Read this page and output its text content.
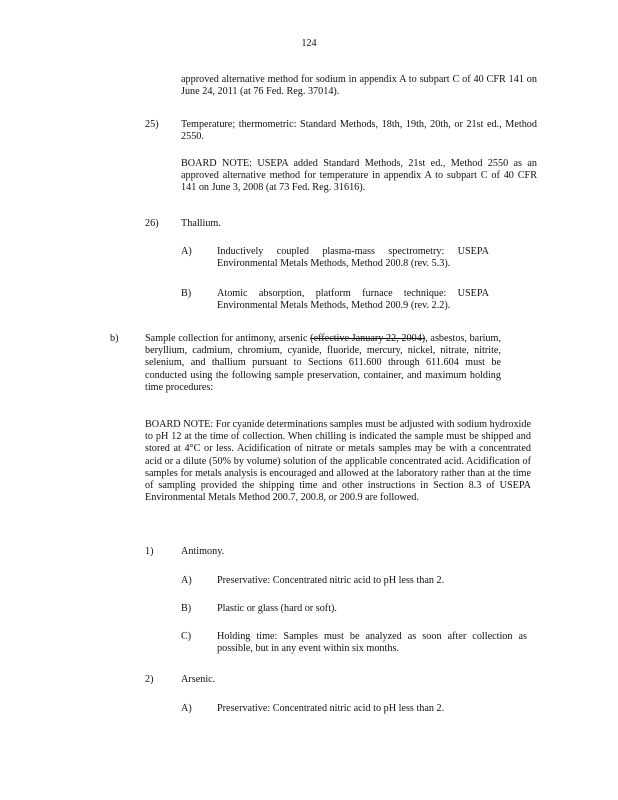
124
approved alternative method for sodium in appendix A to subpart C of 40 CFR 141 on June 24, 2011 (at 76 Fed. Reg. 37014).
25) Temperature; thermometric: Standard Methods, 18th, 19th, 20th, or 21st ed., Method 2550.
BOARD NOTE: USEPA added Standard Methods, 21st ed., Method 2550 as an approved alternative method for temperature in appendix A to subpart C of 40 CFR 141 on June 3, 2008 (at 73 Fed. Reg. 31616).
26) Thallium.
A) Inductively coupled plasma-mass spectrometry: USEPA Environmental Metals Methods, Method 200.8 (rev. 5.3).
B)	Atomic absorption, platform furnace technique: USEPA Environmental Metals Methods, Method 200.9 (rev. 2.2).
b)	Sample collection for antimony, arsenic (effective January 22, 2004), asbestos, barium, beryllium, cadmium, chromium, cyanide, fluoride, mercury, nickel, nitrate, nitrite, selenium, and thallium pursuant to Sections 611.600 through 611.604 must be conducted using the following sample preservation, container, and maximum holding time procedures:
BOARD NOTE: For cyanide determinations samples must be adjusted with sodium hydroxide to pH 12 at the time of collection. When chilling is indicated the sample must be shipped and stored at 4°C or less. Acidification of nitrate or metals samples may be with a concentrated acid or a dilute (50% by volume) solution of the applicable concentrated acid. Acidification of samples for metals analysis is encouraged and allowed at the laboratory rather than at the time of sampling provided the shipping time and other instructions in Section 8.3 of USEPA Environmental Metals Method 200.7, 200.8, or 200.9 are followed.
1)	Antimony.
A) Preservative: Concentrated nitric acid to pH less than 2.
B)	Plastic or glass (hard or soft).
C)	Holding time: Samples must be analyzed as soon after collection as possible, but in any event within six months.
2)	Arsenic.
A) Preservative: Concentrated nitric acid to pH less than 2.
